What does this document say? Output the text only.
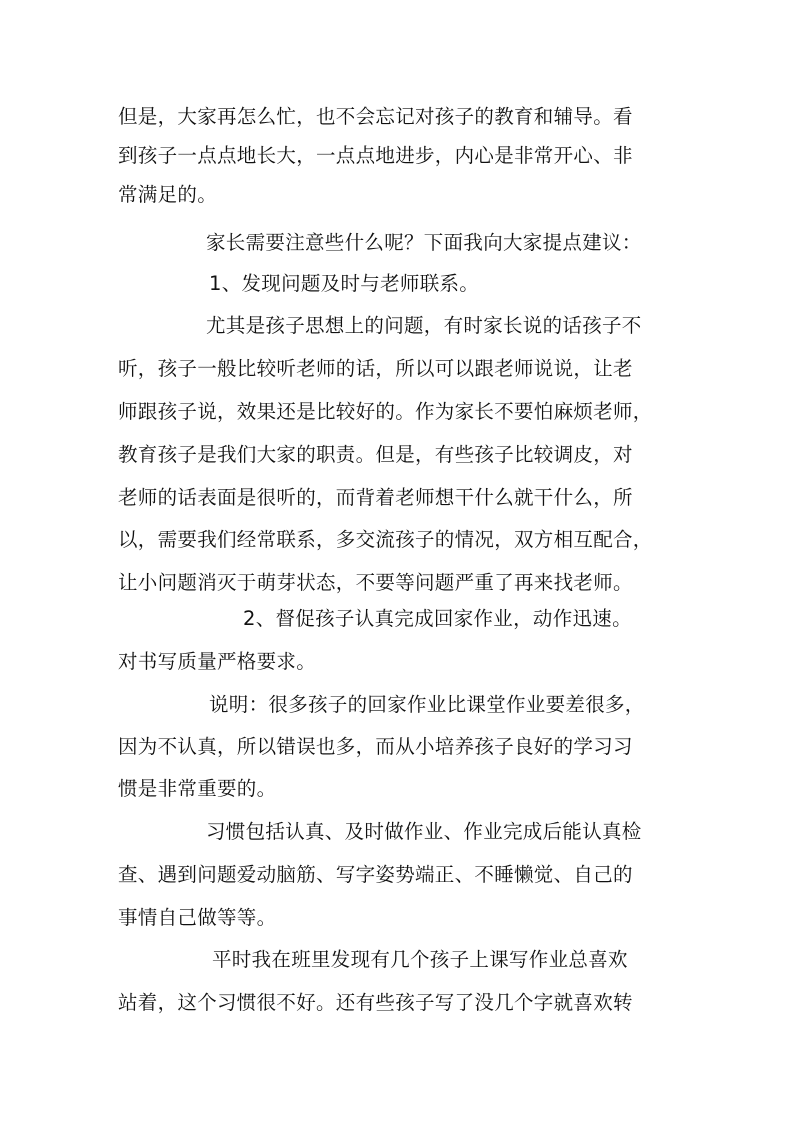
但是，大家再怎么忙，也不会忘记对孩子的教育和辅导。看
到孩子一点点地长大，一点点地进步，内心是非常开心、非
常满足的。
家长需要注意些什么呢？下面我向大家提点建议：
1、发现问题及时与老师联系。
尤其是孩子思想上的问题，有时家长说的话孩子不
听，孩子一般比较听老师的话，所以可以跟老师说说，让老
师跟孩子说，效果还是比较好的。作为家长不要怕麻烦老师，
教育孩子是我们大家的职责。但是，有些孩子比较调皮，对
老师的话表面是很听的，而背着老师想干什么就干什么，所
以，需要我们经常联系，多交流孩子的情况，双方相互配合，
让小问题消灭于萌芽状态，不要等问题严重了再来找老师。
2、督促孩子认真完成回家作业，动作迅速。
对书写质量严格要求。
说明：很多孩子的回家作业比课堂作业要差很多，
因为不认真，所以错误也多，而从小培养孩子良好的学习习
惯是非常重要的。
习惯包括认真、及时做作业、作业完成后能认真检
查、遇到问题爱动脑筋、写字姿势端正、不睡懒觉、自己的
事情自己做等等。
平时我在班里发现有几个孩子上课写作业总喜欢
站着，这个习惯很不好。还有些孩子写了没几个字就喜欢转
